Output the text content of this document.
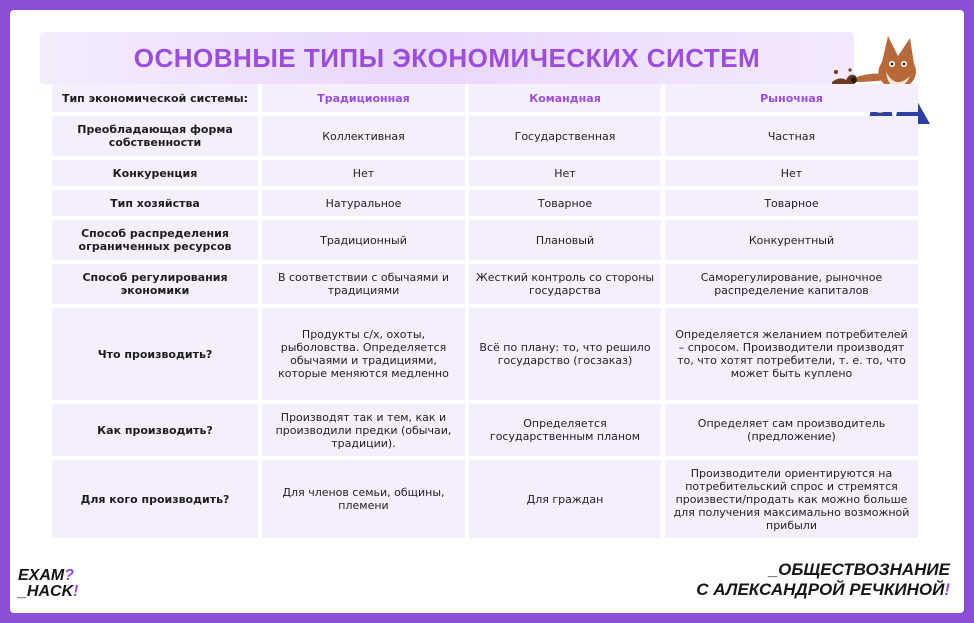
ОСНОВНЫЕ ТИПЫ ЭКОНОМИЧЕСКИХ СИСТЕМ
Тип экономической системы:	Традиционная	Командная	Рыночная
Преобладающая форма собственности	Коллективная	Государственная	Частная
Конкуренция	Нет	Нет	Нет
Тип хозяйства	Натуральное	Товарное	Товарное
Способ распределения ограниченных ресурсов	Традиционный	Плановый	Конкурентный
Способ регулирования экономики	В соответствии с обычаями и традициями	Жесткий контроль со стороны государства	Саморегулирование, рыночное распределение капиталов
Что производить?	Продукты с/х, охоты, рыболовства. Определяется обычаями и традициями, которые меняются медленно	Всё по плану: то, что решило государство (госзаказ)	Определяется желанием потребителей – спросом. Производители производят то, что хотят потребители, т. е. то, что может быть куплено
Как производить?	Производят так и тем, как и производили предки (обычаи, традиции).	Определяется государственным планом	Определяет сам производитель (предложение)
Для кого производить?	Для членов семьи, общины, племени	Для граждан	Производители ориентируются на потребительский спрос и стремятся произвести/продать как можно больше для получения максимально возможной прибыли
EXAM?
_HACK!
_ОБЩЕСТВОЗНАНИЕ
С АЛЕКСАНДРОЙ РЕЧКИНОЙ!
